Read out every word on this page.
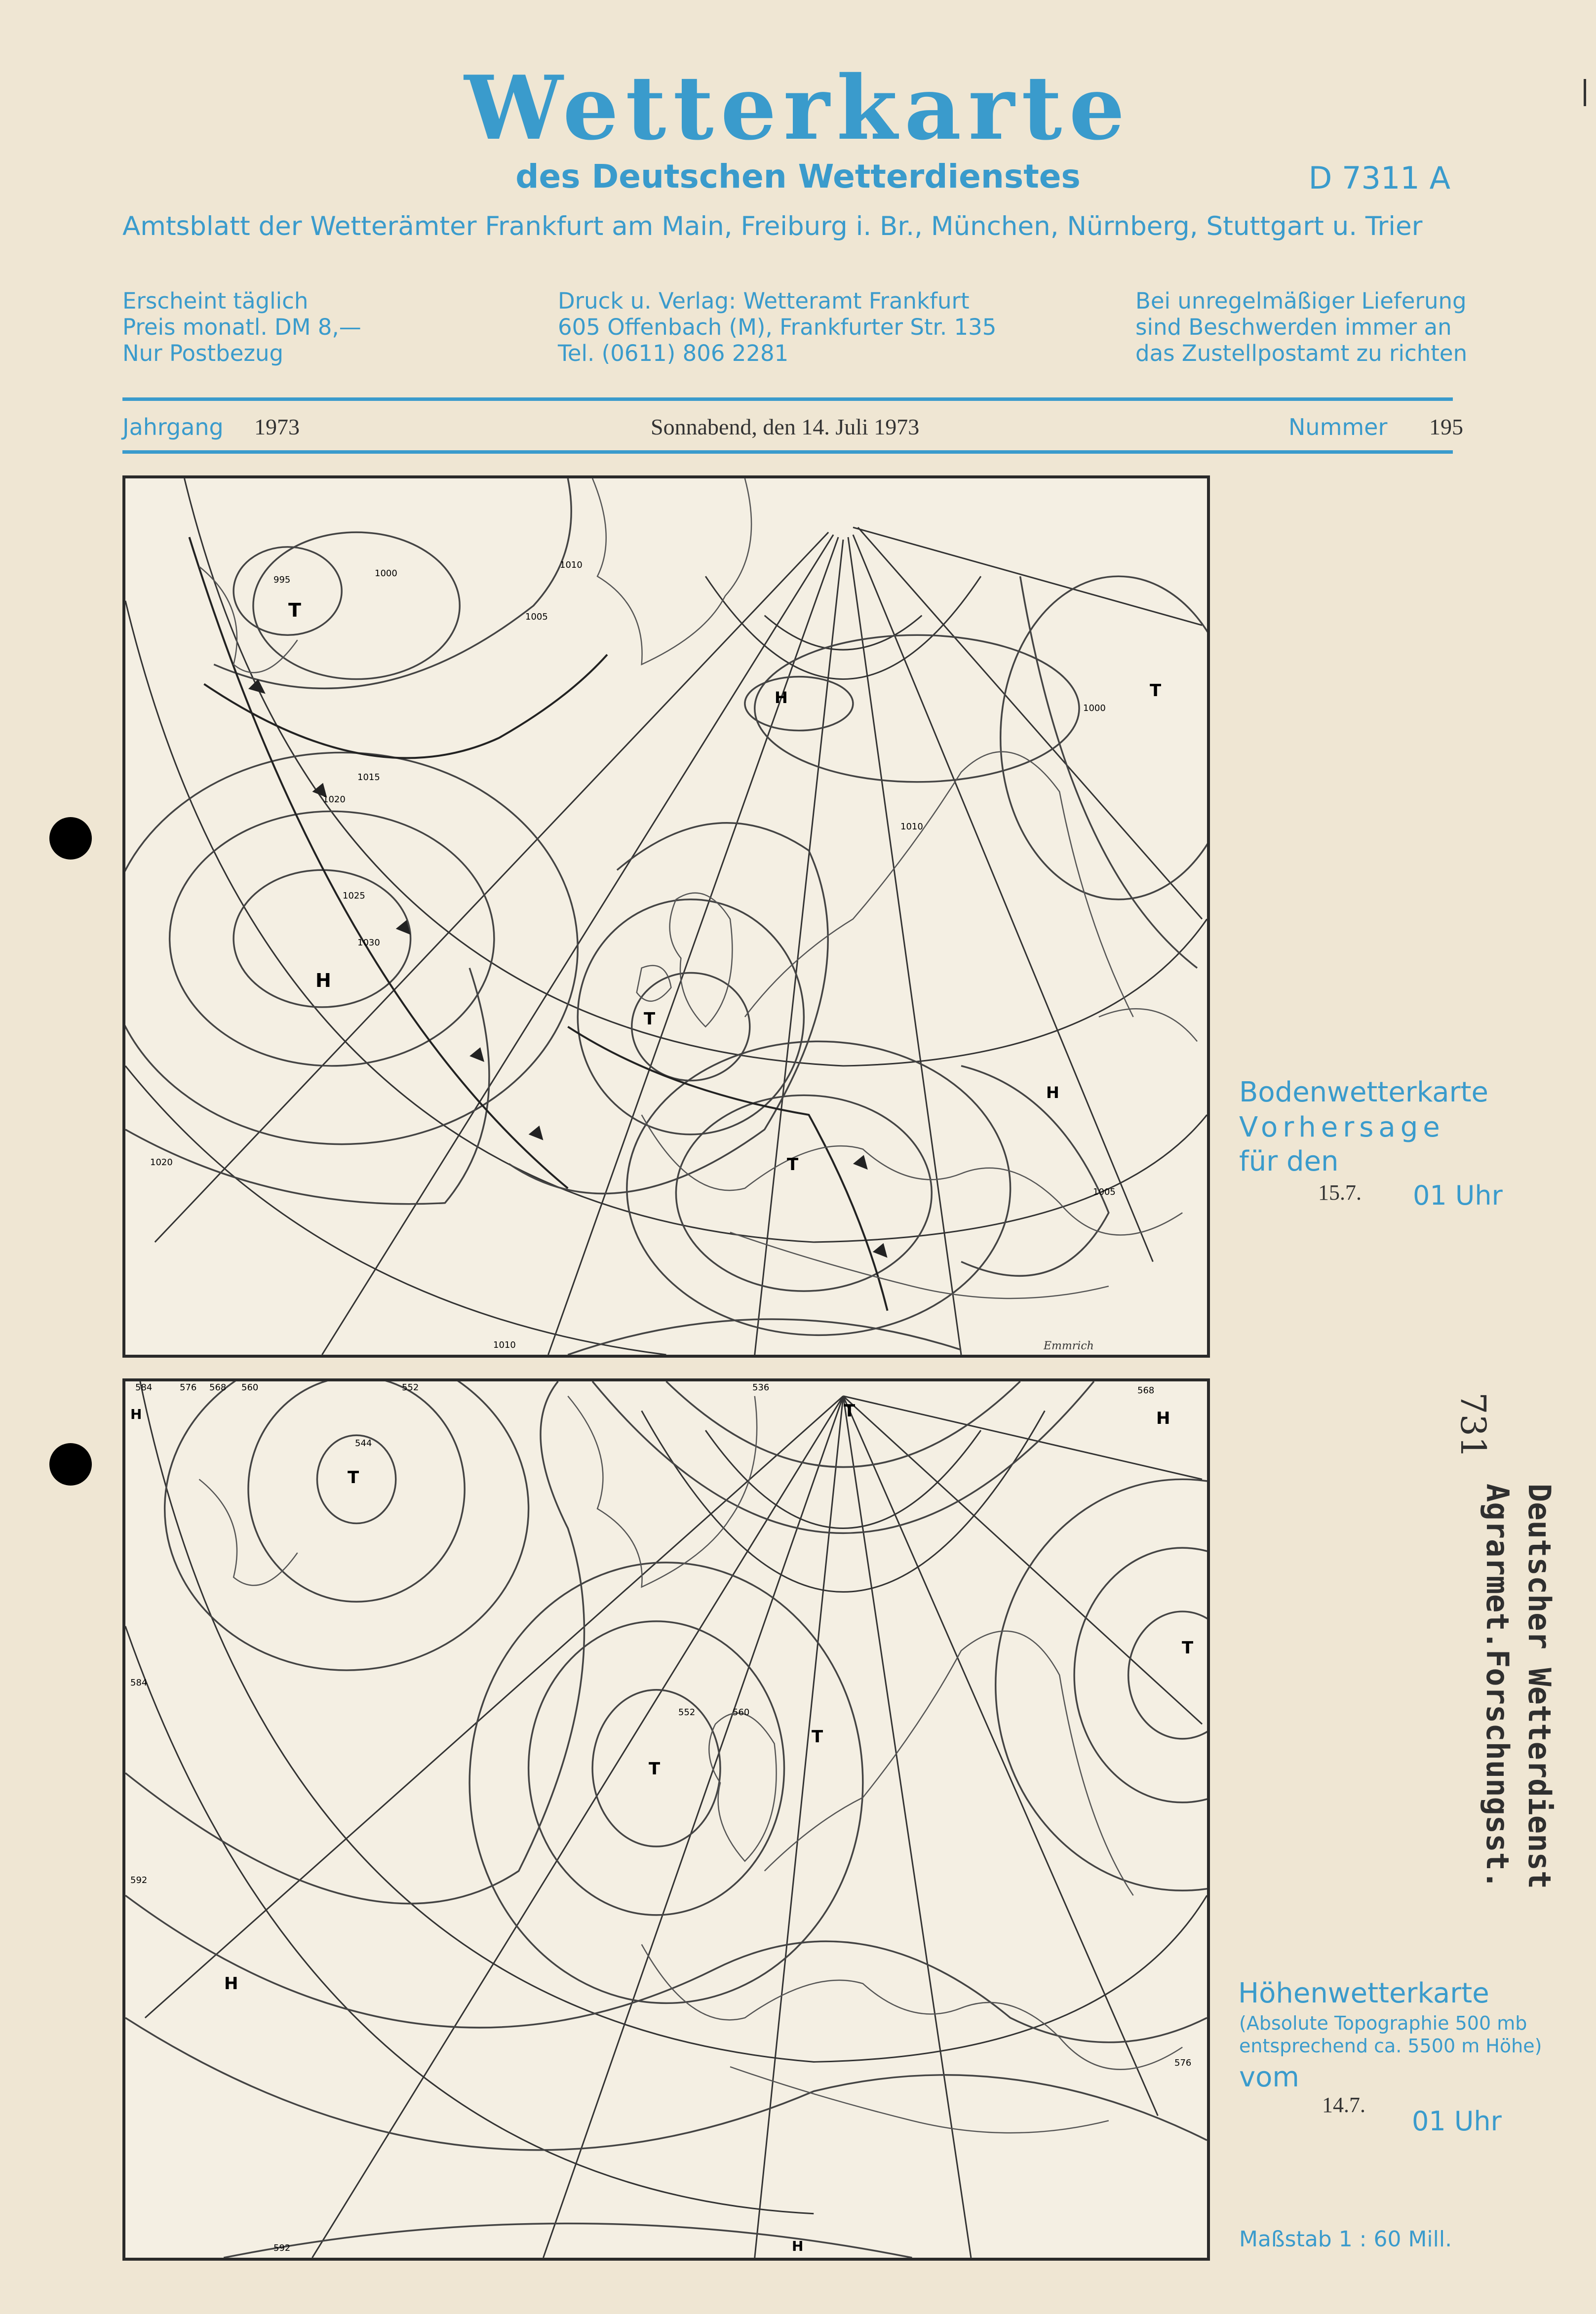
Wetterkarte
des Deutschen Wetterdienstes	D 7311 A
Amtsblatt der Wetterämter Frankfurt am Main, Freiburg i. Br., München, Nürnberg, Stuttgart u. Trier
Erscheint täglich
Preis monatl. DM 8,—
Nur Postbezug
Druck u. Verlag: Wetteramt Frankfurt
605 Offenbach (M), Frankfurter Str. 135
Tel. (0611) 806 2281
Bei unregelmäßiger Lieferung
sind Beschwerden immer an
das Zustellpostamt zu richten
Jahrgang 1973	Sonnabend, den 14. Juli 1973	Nummer 195
H
T
H
T
T
T
H
995
1000
1005
1010
1015
1020
1025
1030
1020
1010
1005
1000
1010	Emmrich
Bodenwetterkarte
Vorhersage
für den
15.7. 01 Uhr
T
T	H
T
T
T
H
H
H
584	576 568 560	552
544
552	560
536	568
584
592
592
576
Höhenwetterkarte
(Absolute Topographie 500 mb
entsprechend ca. 5500 m Höhe)
vom
14.7.
01 Uhr
Maßstab 1 : 60 Mill.
Deutscher Wetterdienst
Agrarmet.Forschungsst.
731
